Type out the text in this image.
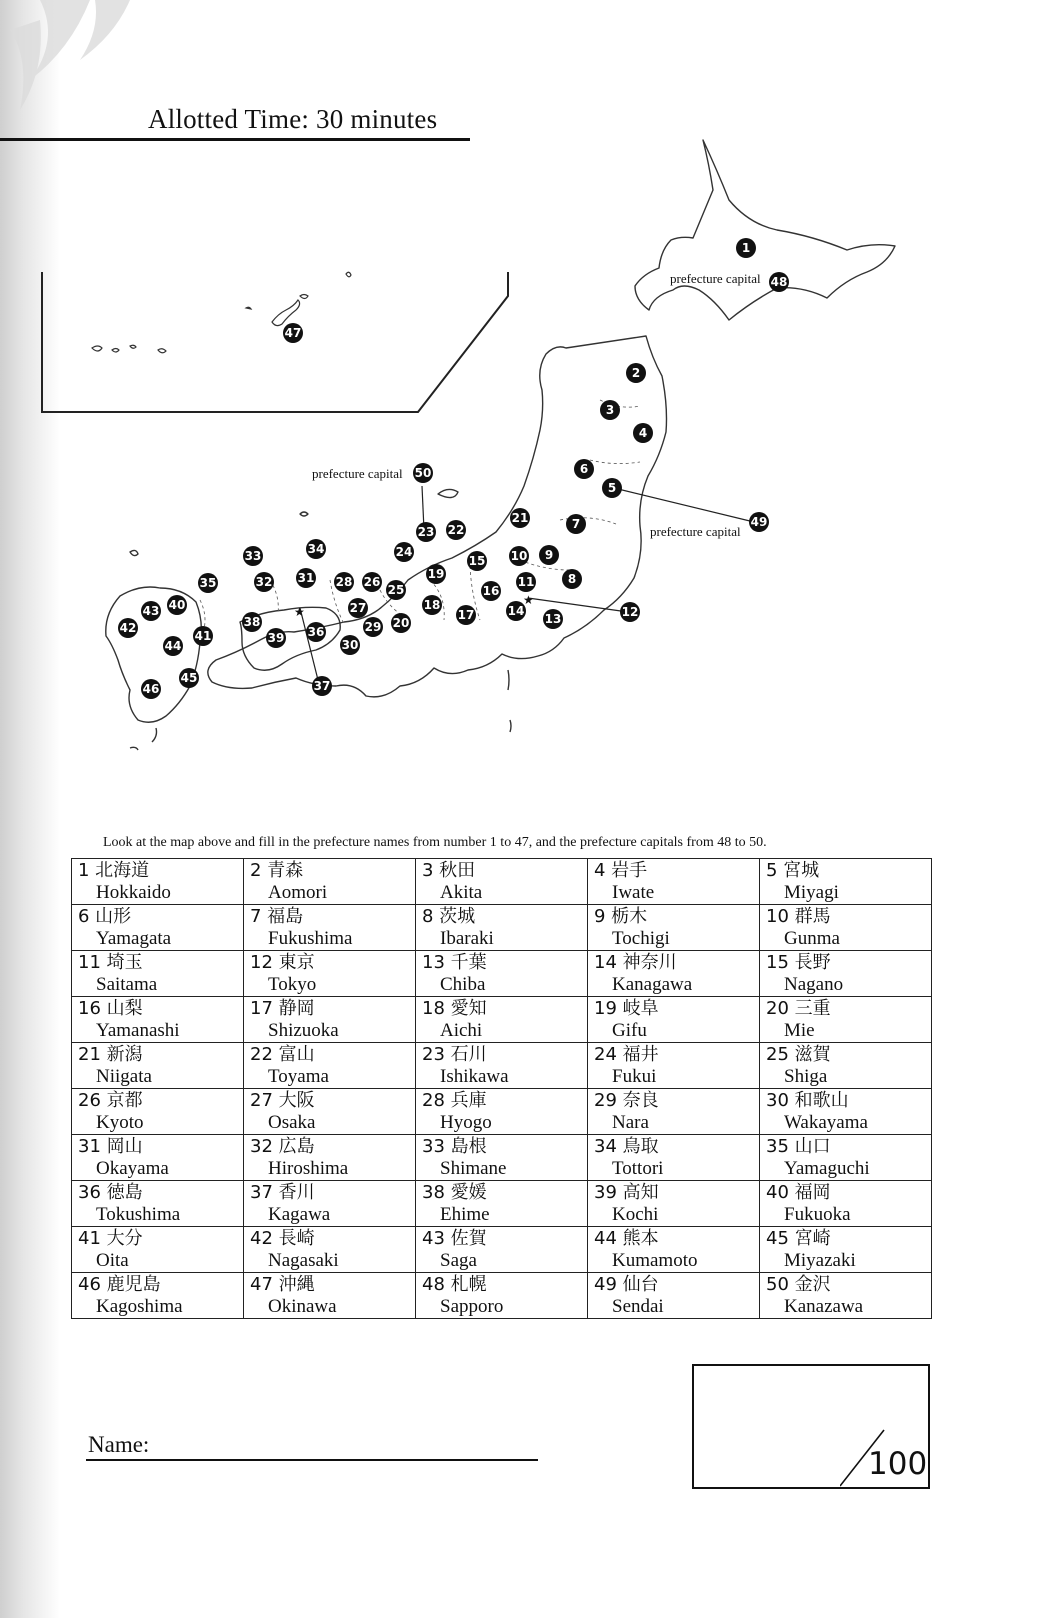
Allotted Time: 30 minutes
★
★
prefecture capital
prefecture capital
prefecture capital
1
2
3
4
5
6
7
8
9
10
11
12
13
14
15
16
17
18
19
20
21
22
23
24
25
26
27
28
29
30
31
32
33	34
35
36
37
38
39
40
41
42
43
44
45
46
47
48
49
50
Look at the map above and fill in the prefecture names from number 1 to 47, and the prefecture capitals from 48 to 50.
1 北海道
Hokkaido	2 青森
Aomori	3 秋田
Akita	4 岩手
Iwate	5 宮城
Miyagi

6 山形
Yamagata	7 福島
Fukushima	8 茨城
Ibaraki	9 栃木
Tochigi	10 群馬
Gunma

11 埼玉
Saitama	12 東京
Tokyo	13 千葉
Chiba	14 神奈川
Kanagawa	15 長野
Nagano

16 山梨
Yamanashi	17 静岡
Shizuoka	18 愛知
Aichi	19 岐阜
Gifu	20 三重
Mie

21 新潟
Niigata	22 富山
Toyama	23 石川
Ishikawa	24 福井
Fukui	25 滋賀
Shiga

26 京都
Kyoto	27 大阪
Osaka	28 兵庫
Hyogo	29 奈良
Nara	30 和歌山
Wakayama

31 岡山
Okayama	32 広島
Hiroshima	33 島根
Shimane	34 鳥取
Tottori	35 山口
Yamaguchi

36 徳島
Tokushima	37 香川
Kagawa	38 愛媛
Ehime	39 高知
Kochi	40 福岡
Fukuoka

41 大分
Oita	42 長崎
Nagasaki	43 佐賀
Saga	44 熊本
Kumamoto	45 宮崎
Miyazaki

46 鹿児島
Kagoshima	47 沖縄
Okinawa	48 札幌
Sapporo	49 仙台
Sendai	50 金沢
Kanazawa
Name:
100
